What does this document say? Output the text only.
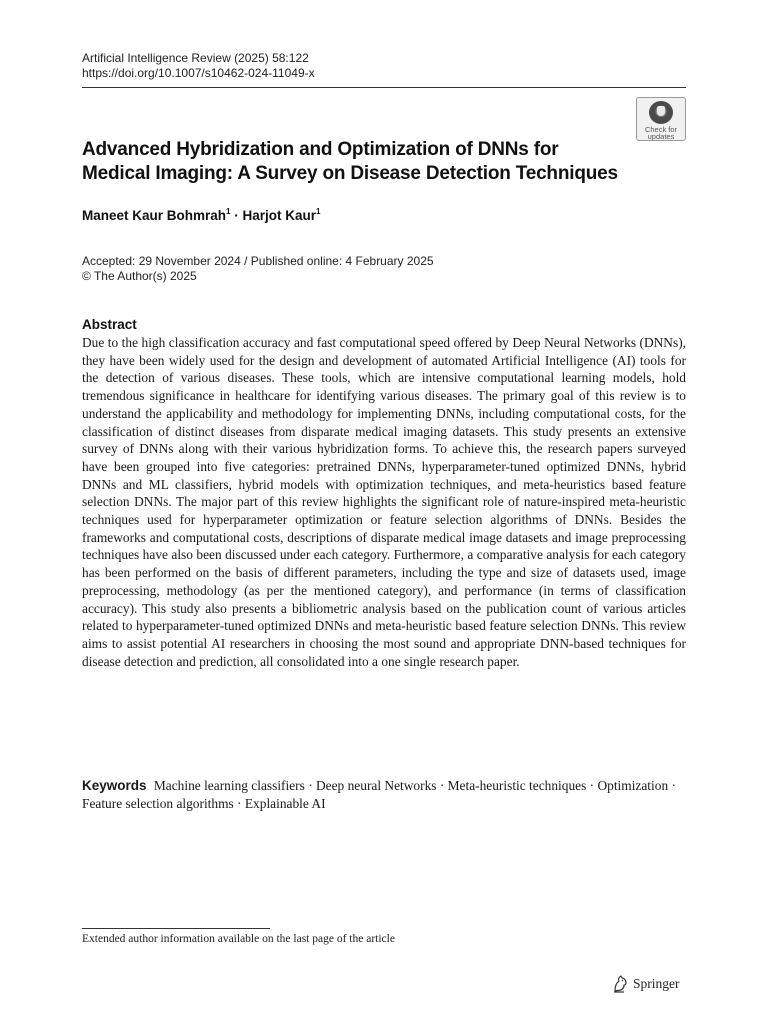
Artificial Intelligence Review (2025) 58:122
https://doi.org/10.1007/s10462-024-11049-x
Check for
updates
Advanced Hybridization and Optimization of DNNs for
Medical Imaging: A Survey on Disease Detection Techniques
Maneet Kaur Bohmrah$^1$ · Harjot Kaur$^1$
Accepted: 29 November 2024 / Published online: 4 February 2025
© The Author(s) 2025
Abstract

Due to the high classification accuracy and fast computational speed offered by Deep Neural Networks (DNNs), they have been widely used for the design and development of automated Artificial Intelligence (AI) tools for the detection of various diseases. These tools, which are intensive computational learning models, hold tremendous significance in healthcare for identifying various diseases. The primary goal of this review is to understand the applicability and methodology for implementing DNNs, including computational costs, for the classification of distinct diseases from disparate medical imaging datasets. This study presents an extensive survey of DNNs along with their various hybridization forms. To achieve this, the research papers surveyed have been grouped into five categories: pretrained DNNs, hyperparameter-tuned optimized DNNs, hybrid DNNs and ML classifiers, hybrid models with optimization techniques, and meta-heuristics based feature selection DNNs. The major part of this review highlights the significant role of nature-inspired meta-heuristic techniques used for hyperparameter optimization or feature selection algorithms of DNNs. Besides the frameworks and computational costs, descriptions of disparate medical image datasets and image preprocessing techniques have also been discussed under each category. Furthermore, a comparative analysis for each category has been performed on the basis of different parameters, including the type and size of datasets used, image preprocessing, methodology (as per the mentioned category), and performance (in terms of classification accuracy). This study also presents a bibliometric analysis based on the publication count of various articles related to hyperparameter-tuned optimized DNNs and meta-heuristic based feature selection DNNs. This review aims to assist potential AI researchers in choosing the most sound and appropriate DNN-based techniques for disease detection and prediction, all consolidated into a one single research paper.

Keywords Machine learning classifiers · Deep neural Networks · Meta-heuristic techniques · Optimization · Feature selection algorithms · Explainable AI

Extended author information available on the last page of the article
Springer
